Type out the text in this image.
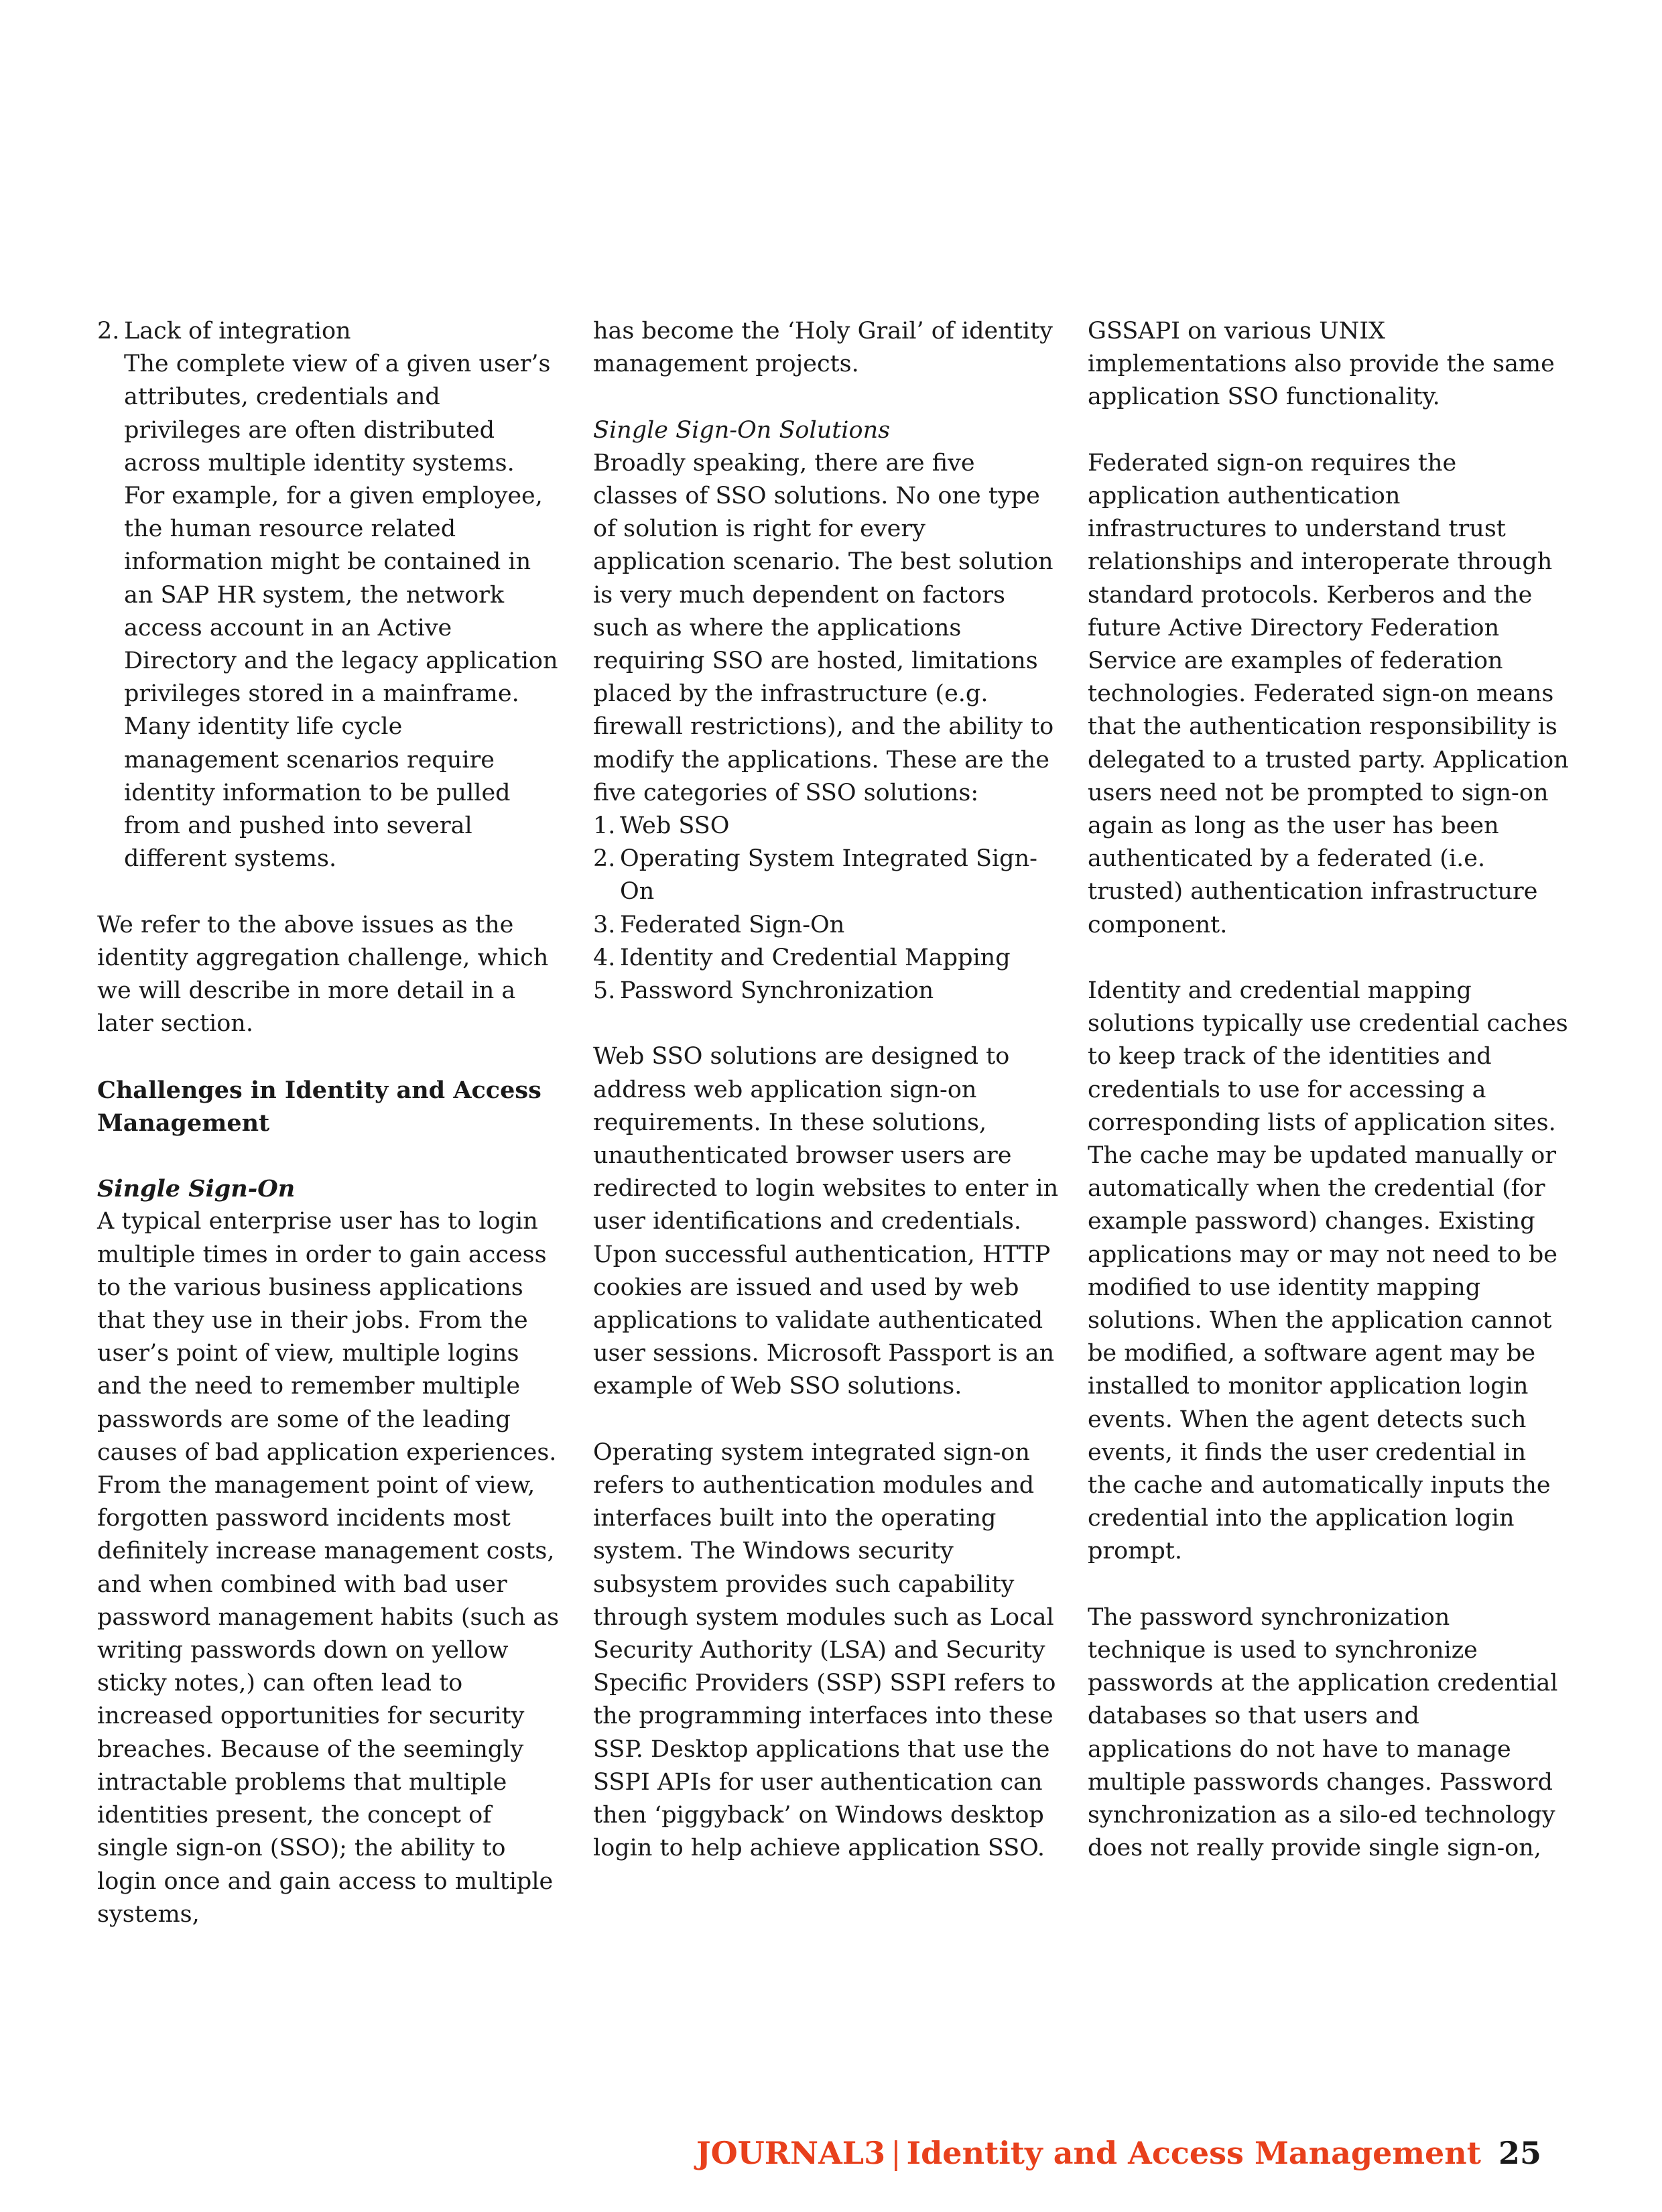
2. Lack of integration

The complete view of a given user’s attributes, credentials and privileges are often distributed across multiple identity systems. For example, for a given employee, the human resource related information might be contained in an SAP HR system, the network access account in an Active Directory and the legacy application privileges stored in a mainframe. Many identity life cycle management scenarios require identity information to be pulled from and pushed into several different systems.

We refer to the above issues as the identity aggregation challenge, which we will describe in more detail in a later section.

Challenges in Identity and Access Management
Single Sign-On

A typical enterprise user has to login multiple times in order to gain access to the various business applications that they use in their jobs. From the user’s point of view, multiple logins and the need to remember multiple passwords are some of the leading causes of bad application experiences. From the management point of view, forgotten password incidents most definitely increase management costs, and when combined with bad user password management habits (such as writing passwords down on yellow sticky notes,) can often lead to increased opportunities for security breaches. Because of the seemingly intractable problems that multiple identities present, the concept of single sign-on (SSO); the ability to login once and gain access to multiple systems,

has become the ‘Holy Grail’ of identity management projects.

Single Sign-On Solutions

Broadly speaking, there are five classes of SSO solutions. No one type of solution is right for every application scenario. The best solution is very much dependent on factors such as where the applications requiring SSO are hosted, limitations placed by the infrastructure (e.g. firewall restrictions), and the ability to modify the applications. These are the five categories of SSO solutions:

1. Web SSO
2. Operating System Integrated Sign-On
3. Federated Sign-On
4. Identity and Credential Mapping
5. Password Synchronization

Web SSO solutions are designed to address web application sign-on requirements. In these solutions, unauthenticated browser users are redirected to login websites to enter in user identifications and credentials. Upon successful authentication, HTTP cookies are issued and used by web applications to validate authenticated user sessions. Microsoft Passport is an example of Web SSO solutions.

Operating system integrated sign-on refers to authentication modules and interfaces built into the operating system. The Windows security subsystem provides such capability through system modules such as Local Security Authority (LSA) and Security Specific Providers (SSP) SSPI refers to the programming interfaces into these SSP. Desktop applications that use the SSPI APIs for user authentication can then ‘piggyback’ on Windows desktop login to help achieve application SSO.

GSSAPI on various UNIX implementations also provide the same application SSO functionality.

Federated sign-on requires the application authentication infrastructures to understand trust relationships and interoperate through standard protocols. Kerberos and the future Active Directory Federation Service are examples of federation technologies. Federated sign-on means that the authentication responsibility is delegated to a trusted party. Application users need not be prompted to sign-on again as long as the user has been authenticated by a federated (i.e. trusted) authentication infrastructure component.

Identity and credential mapping solutions typically use credential caches to keep track of the identities and credentials to use for accessing a corresponding lists of application sites. The cache may be updated manually or automatically when the credential (for example password) changes. Existing applications may or may not need to be modified to use identity mapping solutions. When the application cannot be modified, a software agent may be installed to monitor application login events. When the agent detects such events, it finds the user credential in the cache and automatically inputs the credential into the application login prompt.

The password synchronization technique is used to synchronize passwords at the application credential databases so that users and applications do not have to manage multiple passwords changes. Password synchronization as a silo-ed technology does not really provide single sign-on,

JOURNAL3 | Identity and Access Management 25
